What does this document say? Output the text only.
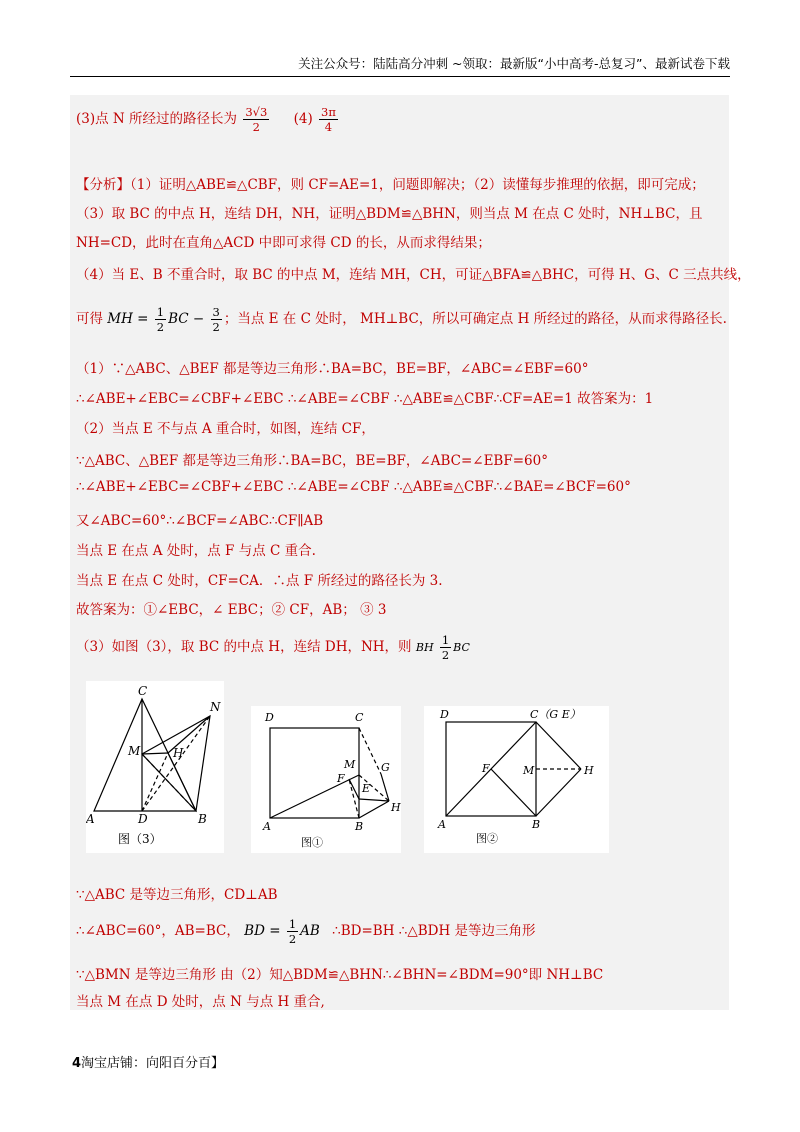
关注公众号：陆陆高分冲刺 ~领取：最新版“小中高考-总复习”、最新试卷下载
(3)点 N 所经过的路径长为 $\frac{3√3}{2} (4) \frac{3\pi}{4}$
【分析】（1）证明△ABE≌△CBF，则 CF=AE=1，问题即解决；（2）读懂每步推理的依据，即可完成；
（3）取 BC 的中点 H，连结 DH，NH，证明△BDM≌△BHN，则当点 M 在点 C 处时，NH⊥BC，且
NH=CD，此时在直角△ACD 中即可求得 CD 的长，从而求得结果；
（4）当 E、B 不重合时，取 BC 的中点 M，连结 MH，CH，可证△BFA≌△BHC，可得 H、G、C 三点共线，
可得 MH = $\frac{1}{2}$ BC − $\frac{3}{2}$ ；当点 E 在 C 处时， MH⊥BC，所以可确定点 H 所经过的路径，从而求得路径长.
（1）∵△ABC、△BEF 都是等边三角形∴BA=BC，BE=BF，∠ABC=∠EBF=60°
∴∠ABE+∠EBC=∠CBF+∠EBC ∴∠ABE=∠CBF ∴△ABE≌△CBF∴CF=AE=1 故答案为：1
（2）当点 E 不与点 A 重合时，如图，连结 CF，
∵△ABC、△BEF 都是等边三角形∴BA=BC，BE=BF，∠ABC=∠EBF=60°
∴∠ABE+∠EBC=∠CBF+∠EBC ∴∠ABE=∠CBF ∴△ABE≌△CBF∴∠BAE=∠BCF=60°
又∠ABC=60°∴∠BCF=∠ABC∴CF∥AB
当点 E 在点 A 处时，点 F 与点 C 重合.
当点 E 在点 C 处时，CF=CA．∴点 F 所经过的路径长为 3.
故答案为：①∠EBC，∠ EBC；② CF，AB； ③ 3
（3）如图（3），取 BC 的中点 H，连结 DH，NH，则 BH $\frac{1}{2}$ BC
C
N
M	H
A	D	B
图（3）
D	C
M G
F
E
H
A	B
图①
D	C（G E）
F	M	H
A	B
图②
∵△ABC 是等边三角形，CD⊥AB
∴∠ABC=60°，AB=BC， BD = $\frac{1}{2}$ AB ∴BD=BH ∴△BDH 是等边三角形
∵△BMN 是等边三角形 由（2）知△BDM≌△BHN∴∠BHN=∠BDM=90°即 NH⊥BC
当点 M 在点 D 处时，点 N 与点 H 重合,
4淘宝店铺：向阳百分百】
